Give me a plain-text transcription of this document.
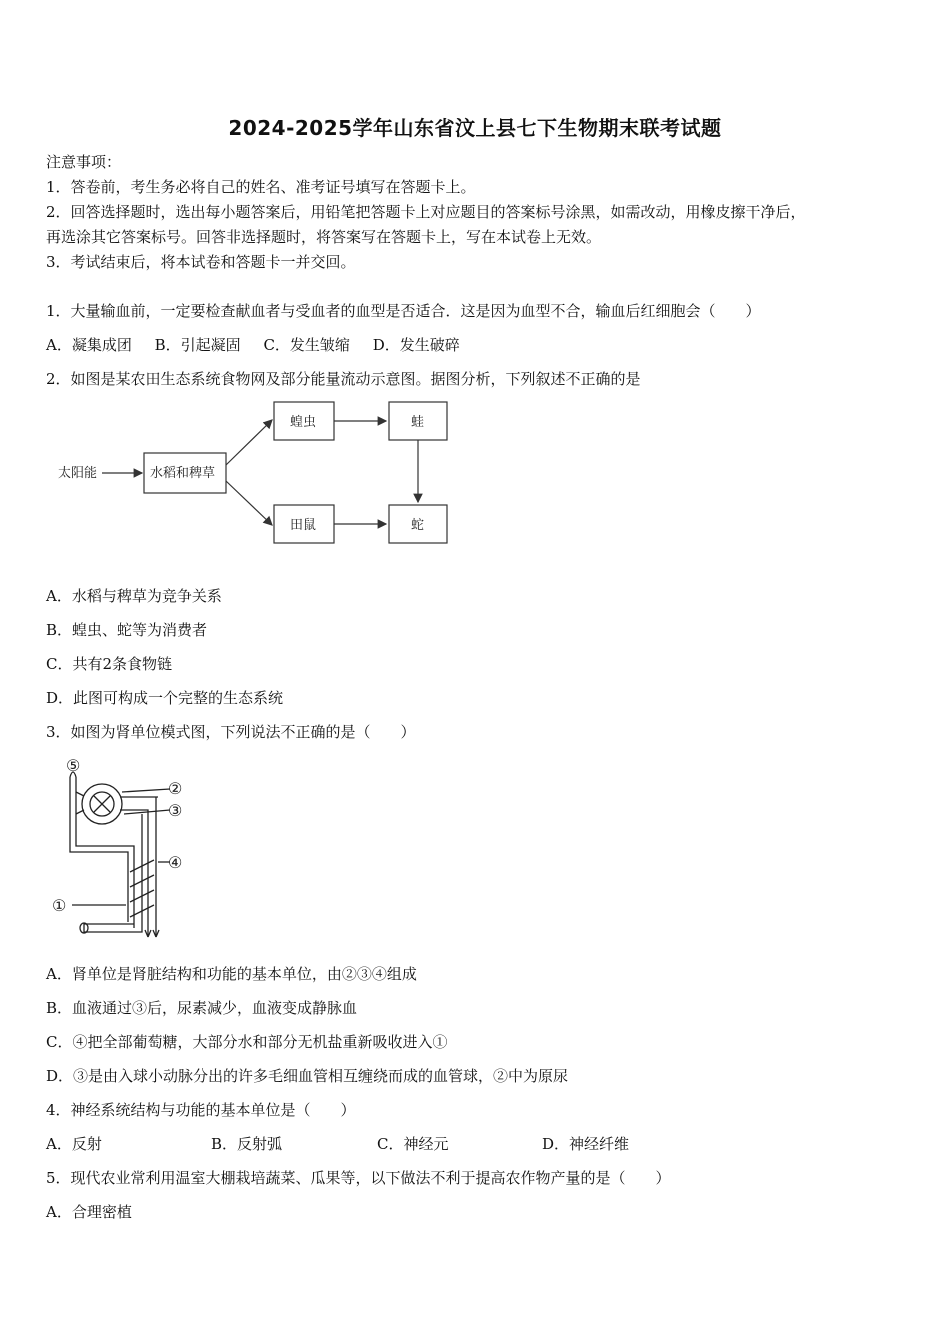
2024-2025学年山东省汶上县七下生物期末联考试题
注意事项：
1．答卷前，考生务必将自己的姓名、准考证号填写在答题卡上。
2．回答选择题时，选出每小题答案后，用铅笔把答题卡上对应题目的答案标号涂黑，如需改动，用橡皮擦干净后，
再选涂其它答案标号。回答非选择题时，将答案写在答题卡上，写在本试卷上无效。
3．考试结束后，将本试卷和答题卡一并交回。
1．大量输血前，一定要检查献血者与受血者的血型是否适合．这是因为血型不合，输血后红细胞会（　　）
A．凝集成团 B．引起凝固 C．发生皱缩 D．发生破碎
2．如图是某农田生态系统食物网及部分能量流动示意图。据图分析，下列叙述不正确的是
太阳能	水稻和稗草
蝗虫	蛙
田鼠	蛇
A．水稻与稗草为竞争关系
B．蝗虫、蛇等为消费者
C．共有2条食物链
D．此图可构成一个完整的生态系统
3．如图为肾单位模式图，下列说法不正确的是（　　）
⑤
②
③
④
①
A．肾单位是肾脏结构和功能的基本单位，由②③④组成
B．血液通过③后，尿素减少，血液变成静脉血
C．④把全部葡萄糖，大部分水和部分无机盐重新吸收进入①
D．③是由入球小动脉分出的许多毛细血管相互缠绕而成的血管球，②中为原尿
4．神经系统结构与功能的基本单位是（　　）
A．反射	B．反射弧	C．神经元	D．神经纤维
5．现代农业常利用温室大棚栽培蔬菜、瓜果等，以下做法不利于提高农作物产量的是（　　）
A．合理密植
